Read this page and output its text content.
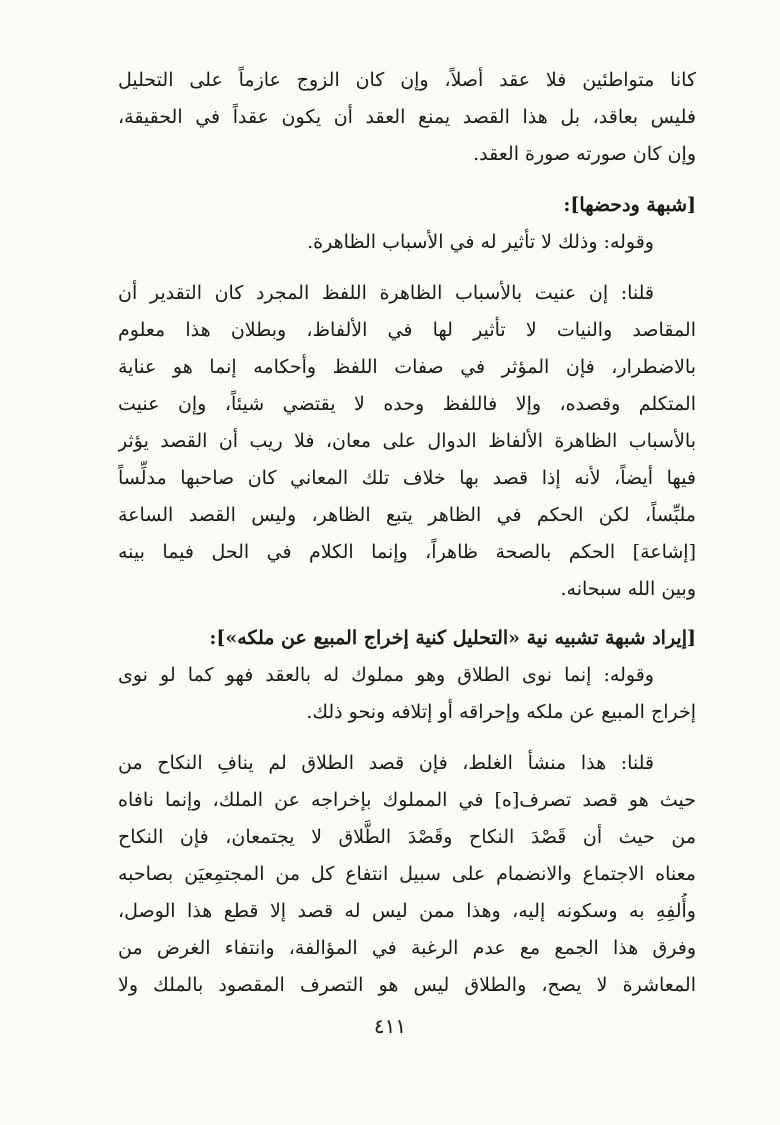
كانا متواطئين فلا عقد أصلاً، وإن كان الزوج عازماً على التحليل
فليس بعاقد، بل هذا القصد يمنع العقد أن يكون عقداً في الحقيقة،
وإن كان صورته صورة العقد.
[شبهة ودحضها]:
وقوله: وذلك لا تأثير له في الأسباب الظاهرة.
قلنا: إن عنيت بالأسباب الظاهرة اللفظ المجرد كان التقدير أن
المقاصد والنيات لا تأثير لها في الألفاظ، وبطلان هذا معلوم
بالاضطرار، فإن المؤثر في صفات اللفظ وأحكامه إنما هو عناية
المتكلم وقصده، وإلا فاللفظ وحده لا يقتضي شيئاً، وإن عنيت
بالأسباب الظاهرة الألفاظ الدوال على معان، فلا ريب أن القصد يؤثر
فيها أيضاً، لأنه إذا قصد بها خلاف تلك المعاني كان صاحبها مدلِّساً
ملبِّساً، لكن الحكم في الظاهر يتبع الظاهر، وليس القصد الساعة
[إشاعة] الحكم بالصحة ظاهراً، وإنما الكلام في الحل فيما بينه
وبين الله سبحانه.
[إيراد شبهة تشبيه نية «التحليل كنية إخراج المبيع عن ملكه»]:
وقوله: إنما نوى الطلاق وهو مملوك له بالعقد فهو كما لو نوى
إخراج المبيع عن ملكه وإحراقه أو إتلافه ونحو ذلك.
قلنا: هذا منشأ الغلط، فإن قصد الطلاق لم ينافِ النكاح من
حيث هو قصد تصرف[ه] في المملوك بإخراجه عن الملك، وإنما نافاه
من حيث أن قَصْدَ النكاح وقَصْدَ الطَّلاق لا يجتمعان، فإن النكاح
معناه الاجتماع والانضمام على سبيل انتفاع كل من المجتمِعيَن بصاحبه
وأُلفِهِ به وسكونه إليه، وهذا ممن ليس له قصد إلا قطع هذا الوصل،
وفرق هذا الجمع مع عدم الرغبة في المؤالفة، وانتفاء الغرض من
المعاشرة لا يصح، والطلاق ليس هو التصرف المقصود بالملك ولا
٤١١
